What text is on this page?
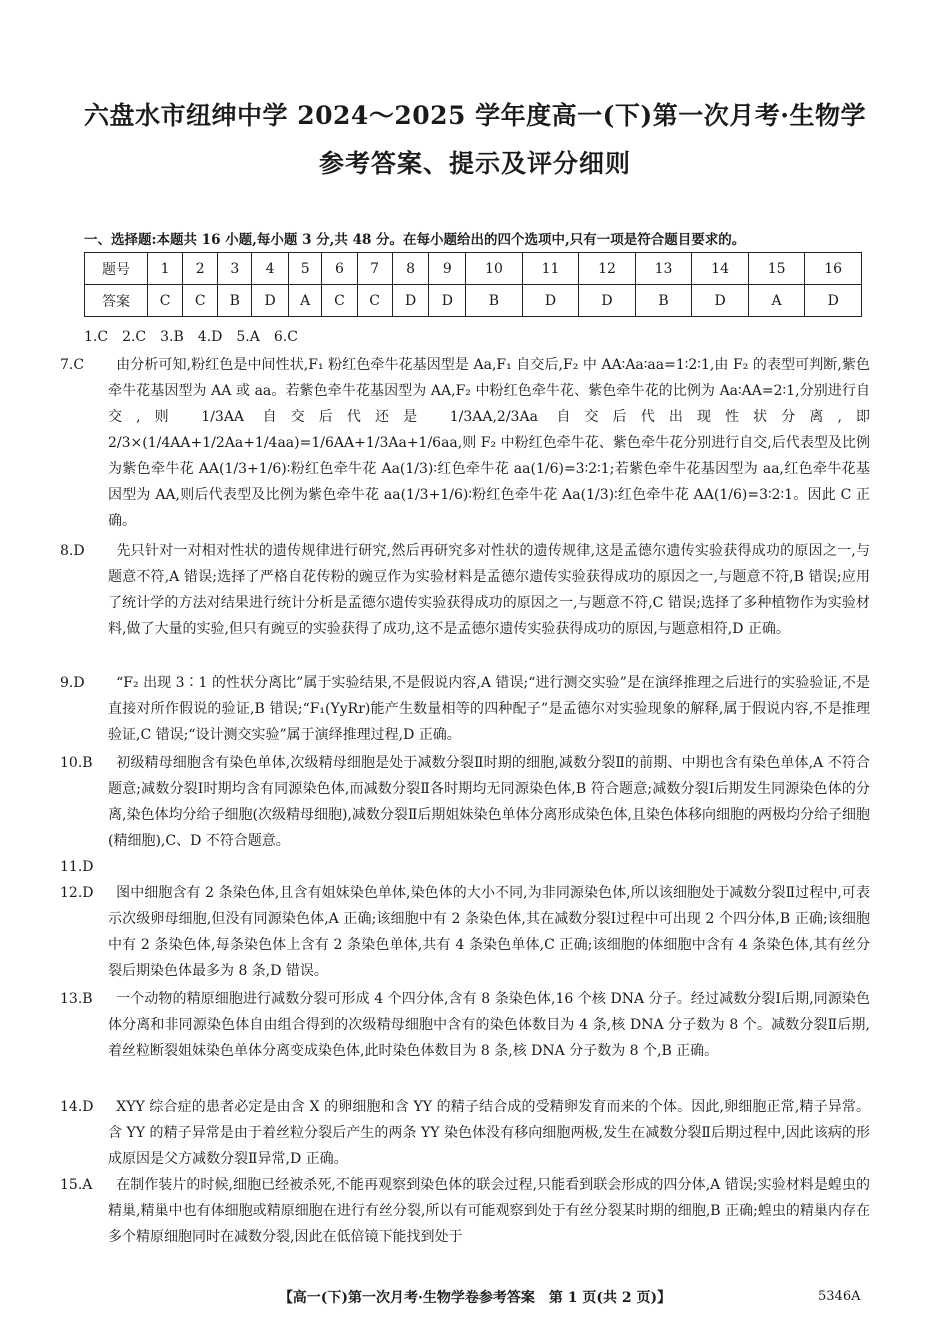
六盘水市纽绅中学 2024～2025 学年度高一(下)第一次月考·生物学
参考答案、提示及评分细则
一、选择题:本题共 16 小题,每小题 3 分,共 48 分。在每小题给出的四个选项中,只有一项是符合题目要求的。
题号	1	2	3	4	5	6	7	8	9	10	11	12	13	14	15	16
答案	C	C	B	D	A	C	C	D	D	B	D	D	B	D	A	D
1.C　2.C　3.B　4.D　5.A　6.C
7.C　 由分析可知,粉红色是中间性状,F₁ 粉红色牵牛花基因型是 Aa,F₁ 自交后,F₂ 中 AA∶Aa∶aa=1∶2∶1,由 F₂ 的表型可判断,紫色牵牛花基因型为 AA 或 aa。若紫色牵牛花基因型为 AA,F₂ 中粉红色牵牛花、紫色牵牛花的比例为 Aa∶AA=2∶1,分别进行自交,则 1/3AA 自交后代还是 1/3AA,2/3Aa 自交后代出现性状分离,即 2/3×(1/4AA+1/2Aa+1/4aa)=1/6AA+1/3Aa+1/6aa,则 F₂ 中粉红色牵牛花、紫色牵牛花分别进行自交,后代表型及比例为紫色牵牛花 AA(1/3+1/6)∶粉红色牵牛花 Aa(1/3)∶红色牵牛花 aa(1/6)=3∶2∶1;若紫色牵牛花基因型为 aa,红色牵牛花基因型为 AA,则后代表型及比例为紫色牵牛花 aa(1/3+1/6)∶粉红色牵牛花 Aa(1/3)∶红色牵牛花 AA(1/6)=3∶2∶1。因此 C 正确。
8.D　 先只针对一对相对性状的遗传规律进行研究,然后再研究多对性状的遗传规律,这是孟德尔遗传实验获得成功的原因之一,与题意不符,A 错误;选择了严格自花传粉的豌豆作为实验材料是孟德尔遗传实验获得成功的原因之一,与题意不符,B 错误;应用了统计学的方法对结果进行统计分析是孟德尔遗传实验获得成功的原因之一,与题意不符,C 错误;选择了多种植物作为实验材料,做了大量的实验,但只有豌豆的实验获得了成功,这不是孟德尔遗传实验获得成功的原因,与题意相符,D 正确。
9.D　 “F₂ 出现 3∶1 的性状分离比”属于实验结果,不是假说内容,A 错误;“进行测交实验”是在演绎推理之后进行的实验验证,不是直接对所作假说的验证,B 错误;“F₁(YyRr)能产生数量相等的四种配子”是孟德尔对实验现象的解释,属于假说内容,不是推理验证,C 错误;“设计测交实验”属于演绎推理过程,D 正确。
10.B　 初级精母细胞含有染色单体,次级精母细胞是处于减数分裂Ⅱ时期的细胞,减数分裂Ⅱ的前期、中期也含有染色单体,A 不符合题意;减数分裂Ⅰ时期均含有同源染色体,而减数分裂Ⅱ各时期均无同源染色体,B 符合题意;减数分裂Ⅰ后期发生同源染色体的分离,染色体均分给子细胞(次级精母细胞),减数分裂Ⅱ后期姐妹染色单体分离形成染色体,且染色体移向细胞的两极均分给子细胞(精细胞),C、D 不符合题意。
11.D
12.D　 图中细胞含有 2 条染色体,且含有姐妹染色单体,染色体的大小不同,为非同源染色体,所以该细胞处于减数分裂Ⅱ过程中,可表示次级卵母细胞,但没有同源染色体,A 正确;该细胞中有 2 条染色体,其在减数分裂Ⅰ过程中可出现 2 个四分体,B 正确;该细胞中有 2 条染色体,每条染色体上含有 2 条染色单体,共有 4 条染色单体,C 正确;该细胞的体细胞中含有 4 条染色体,其有丝分裂后期染色体最多为 8 条,D 错误。
13.B　 一个动物的精原细胞进行减数分裂可形成 4 个四分体,含有 8 条染色体,16 个核 DNA 分子。经过减数分裂Ⅰ后期,同源染色体分离和非同源染色体自由组合得到的次级精母细胞中含有的染色体数目为 4 条,核 DNA 分子数为 8 个。减数分裂Ⅱ后期,着丝粒断裂姐妹染色单体分离变成染色体,此时染色体数目为 8 条,核 DNA 分子数为 8 个,B 正确。
14.D　 XYY 综合症的患者必定是由含 X 的卵细胞和含 YY 的精子结合成的受精卵发育而来的个体。因此,卵细胞正常,精子异常。含 YY 的精子异常是由于着丝粒分裂后产生的两条 YY 染色体没有移向细胞两极,发生在减数分裂Ⅱ后期过程中,因此该病的形成原因是父方减数分裂Ⅱ异常,D 正确。
15.A　 在制作装片的时候,细胞已经被杀死,不能再观察到染色体的联会过程,只能看到联会形成的四分体,A 错误;实验材料是蝗虫的精巢,精巢中也有体细胞或精原细胞在进行有丝分裂,所以有可能观察到处于有丝分裂某时期的细胞,B 正确;蝗虫的精巢内存在多个精原细胞同时在减数分裂,因此在低倍镜下能找到处于
【高一(下)第一次月考·生物学卷参考答案　第 1 页(共 2 页)】	5346A
